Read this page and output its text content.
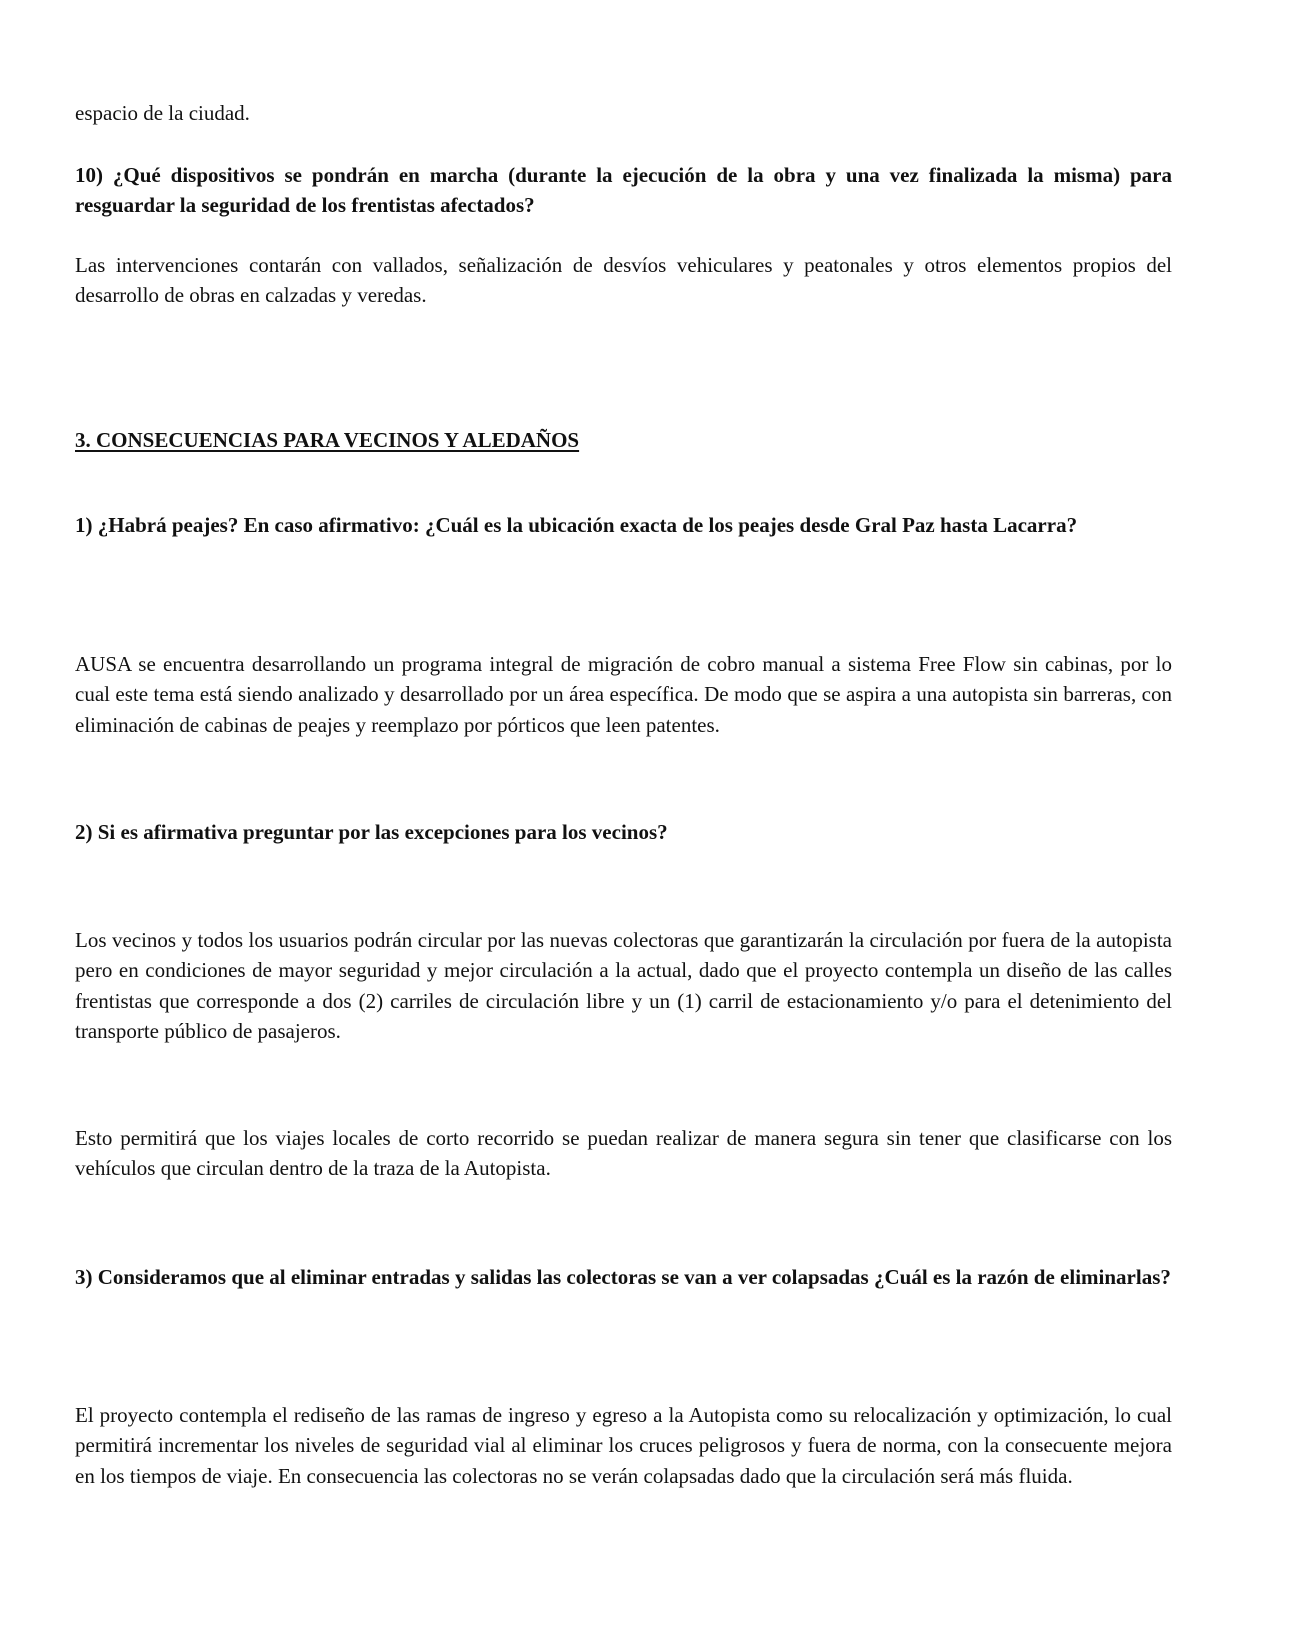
espacio de la ciudad.

10) ¿Qué dispositivos se pondrán en marcha (durante la ejecución de la obra y una vez finalizada la misma) para resguardar la seguridad de los frentistas afectados?

Las intervenciones contarán con vallados, señalización de desvíos vehiculares y peatonales y otros elementos propios del desarrollo de obras en calzadas y veredas.

3. CONSECUENCIAS PARA VECINOS Y ALEDAÑOS

1) ¿Habrá peajes? En caso afirmativo: ¿Cuál es la ubicación exacta de los peajes desde Gral Paz hasta Lacarra?

AUSA se encuentra desarrollando un programa integral de migración de cobro manual a sistema Free Flow sin cabinas, por lo cual este tema está siendo analizado y desarrollado por un área específica. De modo que se aspira a una autopista sin barreras, con eliminación de cabinas de peajes y reemplazo por pórticos que leen patentes.

2) Si es afirmativa preguntar por las excepciones para los vecinos?

Los vecinos y todos los usuarios podrán circular por las nuevas colectoras que garantizarán la circulación por fuera de la autopista pero en condiciones de mayor seguridad y mejor circulación a la actual, dado que el proyecto contempla un diseño de las calles frentistas que corresponde a dos (2) carriles de circulación libre y un (1) carril de estacionamiento y/o para el detenimiento del transporte público de pasajeros.

Esto permitirá que los viajes locales de corto recorrido se puedan realizar de manera segura sin tener que clasificarse con los vehículos que circulan dentro de la traza de la Autopista.

3) Consideramos que al eliminar entradas y salidas las colectoras se van a ver colapsadas ¿Cuál es la razón de eliminarlas?

El proyecto contempla el rediseño de las ramas de ingreso y egreso a la Autopista como su relocalización y optimización, lo cual permitirá incrementar los niveles de seguridad vial al eliminar los cruces peligrosos y fuera de norma, con la consecuente mejora en los tiempos de viaje. En consecuencia las colectoras no se verán colapsadas dado que la circulación será más fluida.
